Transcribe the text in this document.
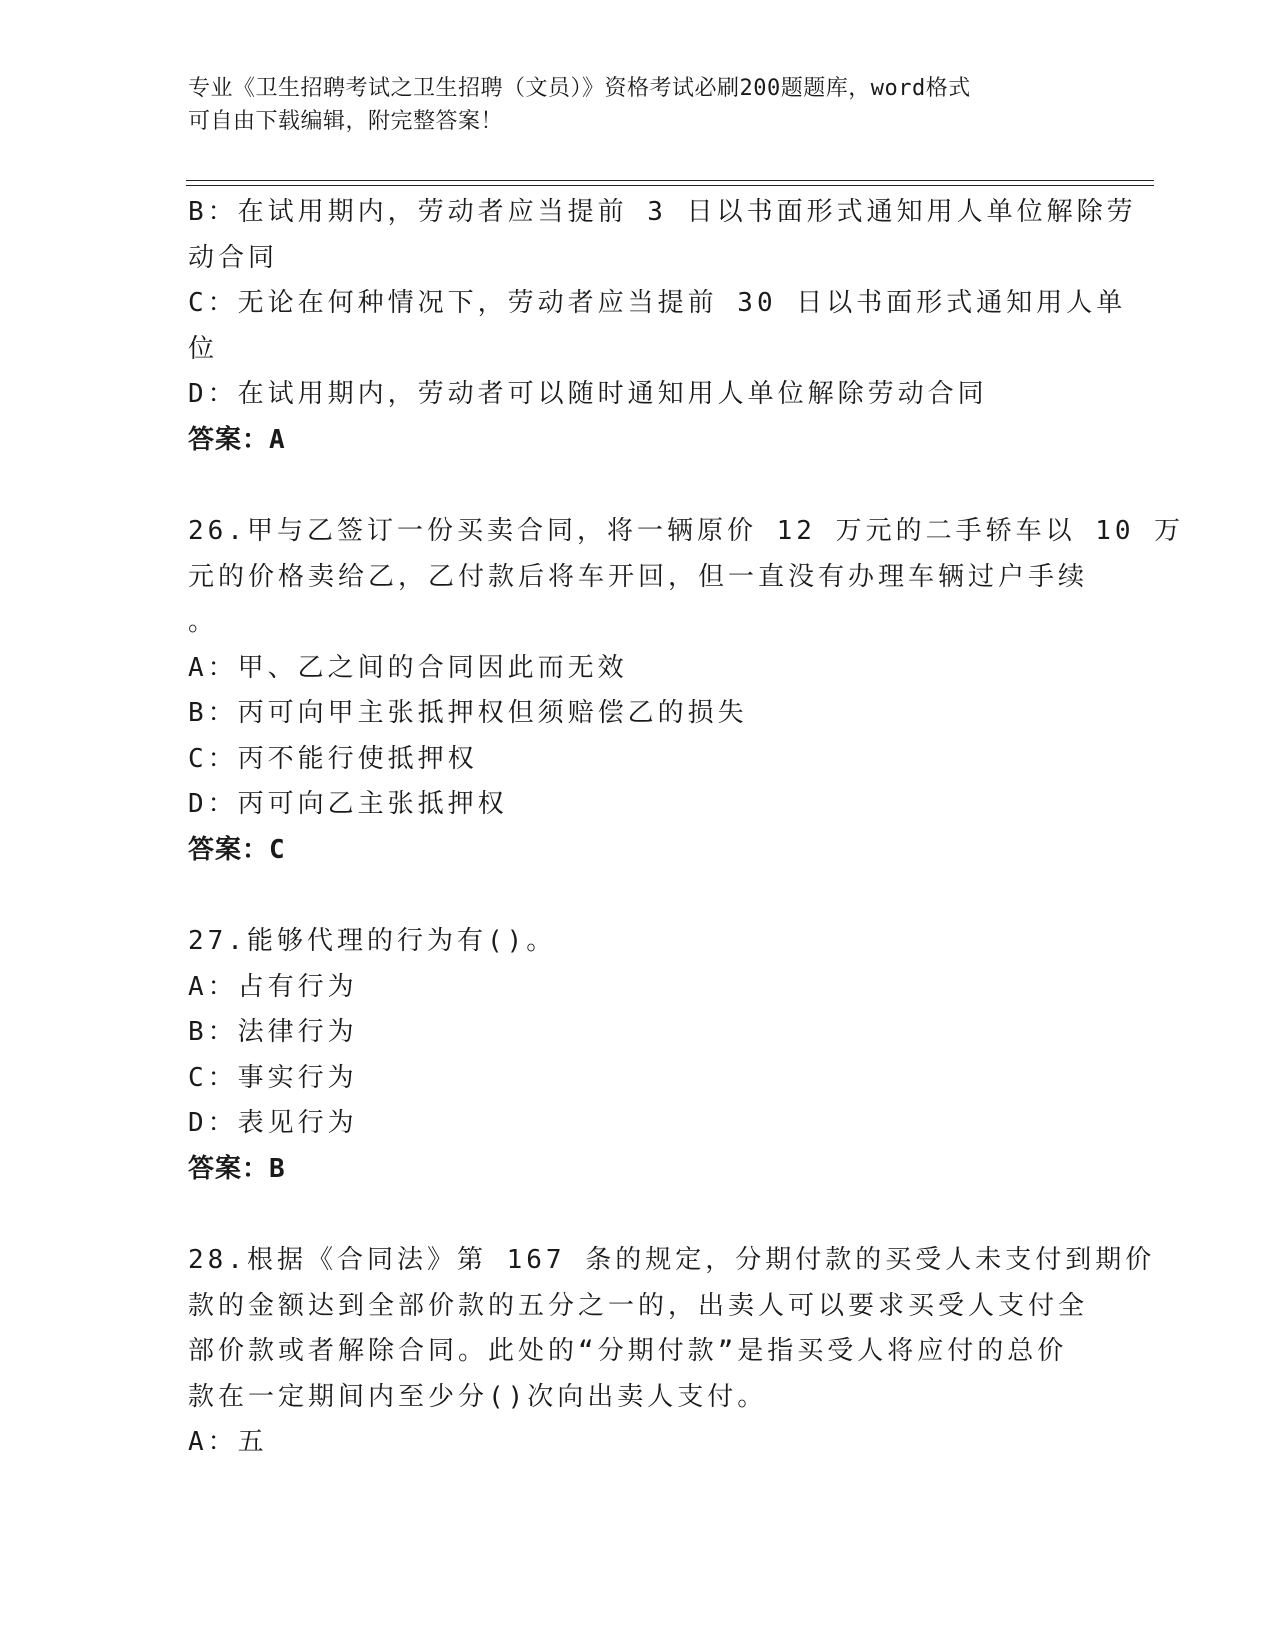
专业《卫生招聘考试之卫生招聘（文员）》资格考试必刷200题题库，word格式
可自由下载编辑，附完整答案！
B：在试用期内，劳动者应当提前 3 日以书面形式通知用人单位解除劳
动合同
C：无论在何种情况下，劳动者应当提前 30 日以书面形式通知用人单
位
D：在试用期内，劳动者可以随时通知用人单位解除劳动合同
答案：A
26.甲与乙签订一份买卖合同，将一辆原价 12 万元的二手轿车以 10 万
元的价格卖给乙，乙付款后将车开回，但一直没有办理车辆过户手续
。
A：甲、乙之间的合同因此而无效
B：丙可向甲主张抵押权但须赔偿乙的损失
C：丙不能行使抵押权
D：丙可向乙主张抵押权
答案：C
27.能够代理的行为有()。
A：占有行为
B：法律行为
C：事实行为
D：表见行为
答案：B
28.根据《合同法》第 167 条的规定，分期付款的买受人未支付到期价
款的金额达到全部价款的五分之一的，出卖人可以要求买受人支付全
部价款或者解除合同。此处的“分期付款”是指买受人将应付的总价
款在一定期间内至少分()次向出卖人支付。
A：五
